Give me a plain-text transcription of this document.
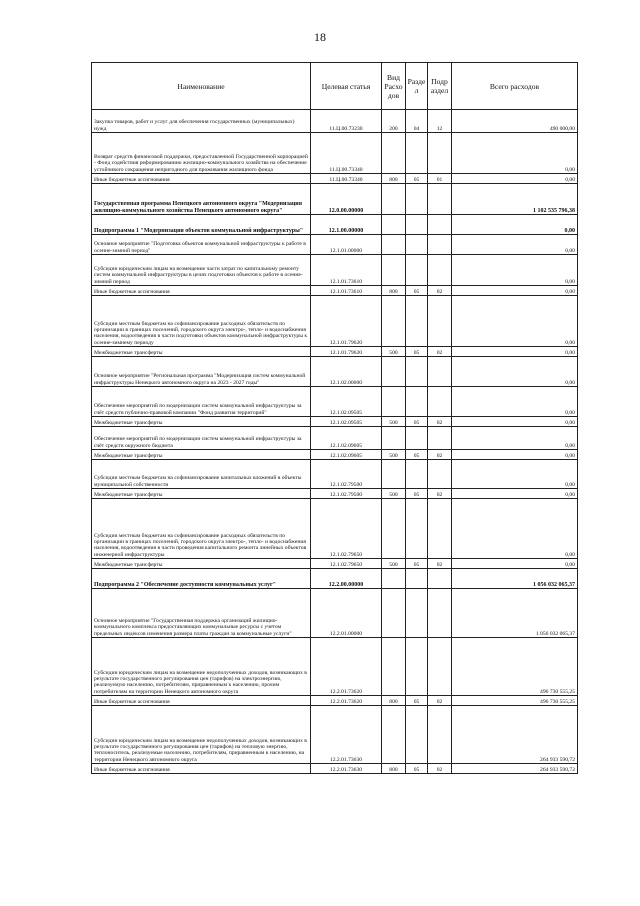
18
Наименование	Целевая статья	Вид Расхо дов	Разде л	Подр аздел	Всего расходов
Закупка товаров, работ и услуг для обеспечения государственных (муниципальных) нужд	11.Ц.00.73230	200	04	12	490 000,00
Возврат средств финансовой поддержки, предоставленной Государственной корпорацией - Фонд содействия реформированию жилищно-коммунального хозяйства на обеспечение устойчивого сокращения непригодного для проживания жилищного фонда	11.Ц.00.73340				0,00
Иные бюджетные ассигнования	11.Ц.00.73340	800	05	01	0,00
Государственная программа Ненецкого автономного округа "Модернизация жилищно-коммунального хозяйства Ненецкого автономного округа"	12.0.00.00000				1 102 535 796,38
Подпрограмма 1 "Модернизация объектов коммунальной инфраструктуры"	12.1.00.00000				0,00
Основное мероприятие "Подготовка объектов коммунальной инфраструктуры к работе в осенне-зимний период"	12.1.01.00000				0,00
Субсидии юридическим лицам на возмещение части затрат по капитальному ремонту систем коммунальной инфраструктуры в целях подготовки объектов к работе в осенне-зимний период	12.1.01.73610				0,00
Иные бюджетные ассигнования	12.1.01.73610	800	05	02	0,00
Субсидии местным бюджетам на софинансирование расходных обязательств по организации в границах поселений, городского округа электро-, тепло- и водоснабжения населения, водоотведения в части подготовки объектов коммунальной инфраструктуры к осенне-зимнему периоду	12.1.01.79620				0,00
Межбюджетные трансферты	12.1.01.79620	500	05	02	0,00
Основное мероприятие "Региональная программа "Модернизация систем коммунальной инфраструктуры Ненецкого автономного округа на 2023 - 2027 годы"	12.1.02.00000				0,00
Обеспечение мероприятий по модернизации систем коммунальной инфраструктуры за счёт средств публично-правовой компании "Фонд развития территорий"	12.1.02.09505				0,00
Межбюджетные трансферты	12.1.02.09505	500	05	02	0,00
Обеспечение мероприятий по модернизации систем коммунальной инфраструктуры за счёт средств окружного бюджета	12.1.02.09605				0,00
Межбюджетные трансферты	12.1.02.09605	500	05	02	0,00
Субсидии местным бюджетам на софинансирование капитальных вложений в объекты муниципальной собственности	12.1.02.79500				0,00
Межбюджетные трансферты	12.1.02.79500	500	05	02	0,00
Субсидии местным бюджетам на софинансирование расходных обязательств по организации в границах поселений, городского округа электро-, тепло- и водоснабжения населения, водоотведения в части проведения капитального ремонта линейных объектов инженерной инфраструктуры	12.1.02.79650				0,00
Межбюджетные трансферты	12.1.02.79650	500	05	02	0,00
Подпрограмма 2 "Обеспечение доступности коммунальных услуг"	12.2.00.00000				1 056 032 065,37
Основное мероприятие "Государственная поддержка организаций жилищно-коммунального комплекса предоставляющих коммунальные ресурсы с учетом предельных индексов изменения размера платы граждан за коммунальные услуги"	12.2.01.00000				1 056 032 065,37
Субсидии юридическим лицам на возмещение недополученных доходов, возникающих в результате государственного регулирования цен (тарифов) на электроэнергию, реализуемую населению, потребителям, приравненным к населению, прочим потребителям на территории Ненецкого автономного округа	12.2.01.73620				496 730 555,25
Иные бюджетные ассигнования	12.2.01.73620	800	05	02	496 730 555,25
Субсидии юридическим лицам на возмещение недополученных доходов, возникающих в результате государственного регулирования цен (тарифов) на тепловую энергию, теплоноситель, реализуемые населению, потребителям, приравненным к населению, на территории Ненецкого автономного округа	12.2.01.73630				264 933 590,72
Иные бюджетные ассигнования	12.2.01.73630	800	05	02	264 933 590,72
